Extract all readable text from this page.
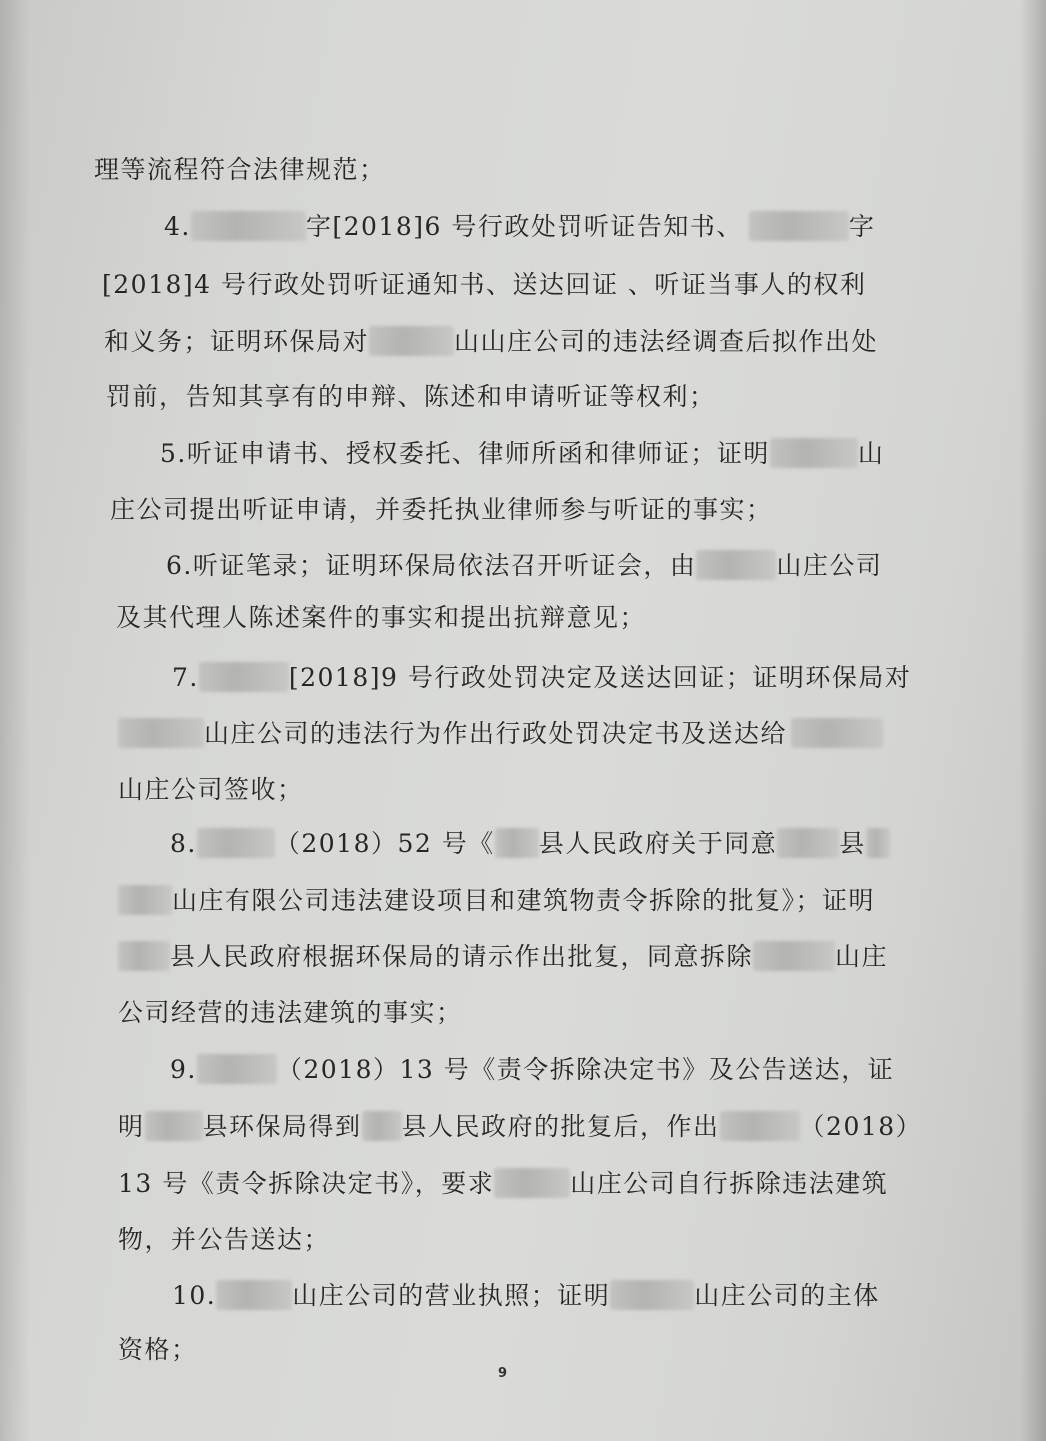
理等流程符合法律规范；
4.	字[2018]6 号行政处罚听证告知书、	字
[2018]4 号行政处罚听证通知书、送达回证 、听证当事人的权利
和义务；证明环保局对	山山庄公司的违法经调查后拟作出处
罚前，告知其享有的申辩、陈述和申请听证等权利；
5.听证申请书、授权委托、律师所函和律师证；证明	山
庄公司提出听证申请，并委托执业律师参与听证的事实；
6.听证笔录；证明环保局依法召开听证会，由	山庄公司
及其代理人陈述案件的事实和提出抗辩意见；
7.	[2018]9 号行政处罚决定及送达回证；证明环保局对
山庄公司的违法行为作出行政处罚决定书及送达给
山庄公司签收；
8.	（2018）52 号《 县人民政府关于同意 县
山庄有限公司违法建设项目和建筑物责令拆除的批复》；证明
县人民政府根据环保局的请示作出批复，同意拆除	山庄
公司经营的违法建筑的事实；
9.	（2018）13 号《责令拆除决定书》及公告送达，证
明 县环保局得到 县人民政府的批复后，作出	（2018）
13 号《责令拆除决定书》，要求	山庄公司自行拆除违法建筑
物，并公告送达；
10.	山庄公司的营业执照；证明	山庄公司的主体
资格；
9
